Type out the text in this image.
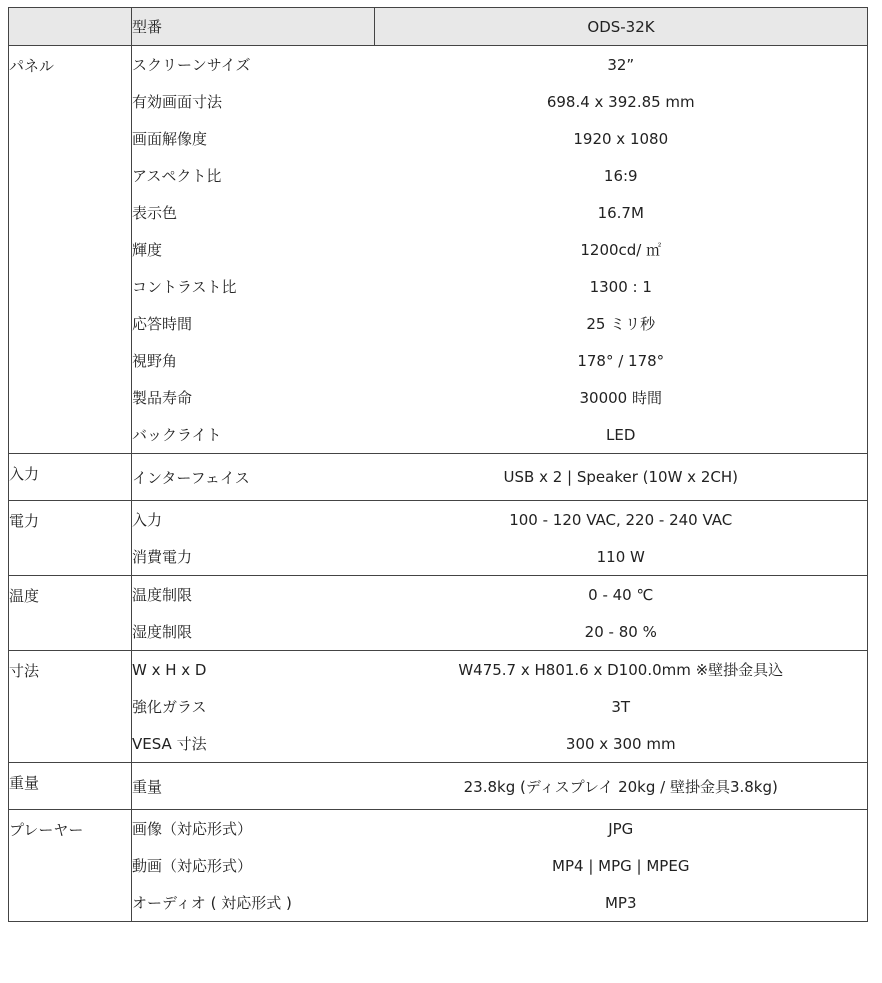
	型番	ODS-32K
パネル	スクリーンサイズ	32”
	有効画面寸法	698.4 x 392.85 mm
	画面解像度	1920 x 1080
	アスペクト比	16:9
	表示色	16.7M
	輝度	1200cd/ ㎡
	コントラスト比	1300 : 1
	応答時間	25 ミリ秒
	視野角	178° / 178°
	製品寿命	30000 時間
	バックライト	LED
入力	インターフェイス	USB x 2 | Speaker (10W x 2CH)
電力	入力	100 - 120 VAC, 220 - 240 VAC
	消費電力	110 W
温度	温度制限	0 - 40 ℃
	湿度制限	20 - 80 %
寸法	W x H x D	W475.7 x H801.6 x D100.0mm ※壁掛金具込
	強化ガラス	3T
	VESA 寸法	300 x 300 mm
重量	重量	23.8kg (ディスプレイ 20kg / 壁掛金具3.8kg)
プレーヤー	画像（対応形式）	JPG
	動画（対応形式）	MP4 | MPG | MPEG
	オーディオ ( 対応形式 )	MP3
